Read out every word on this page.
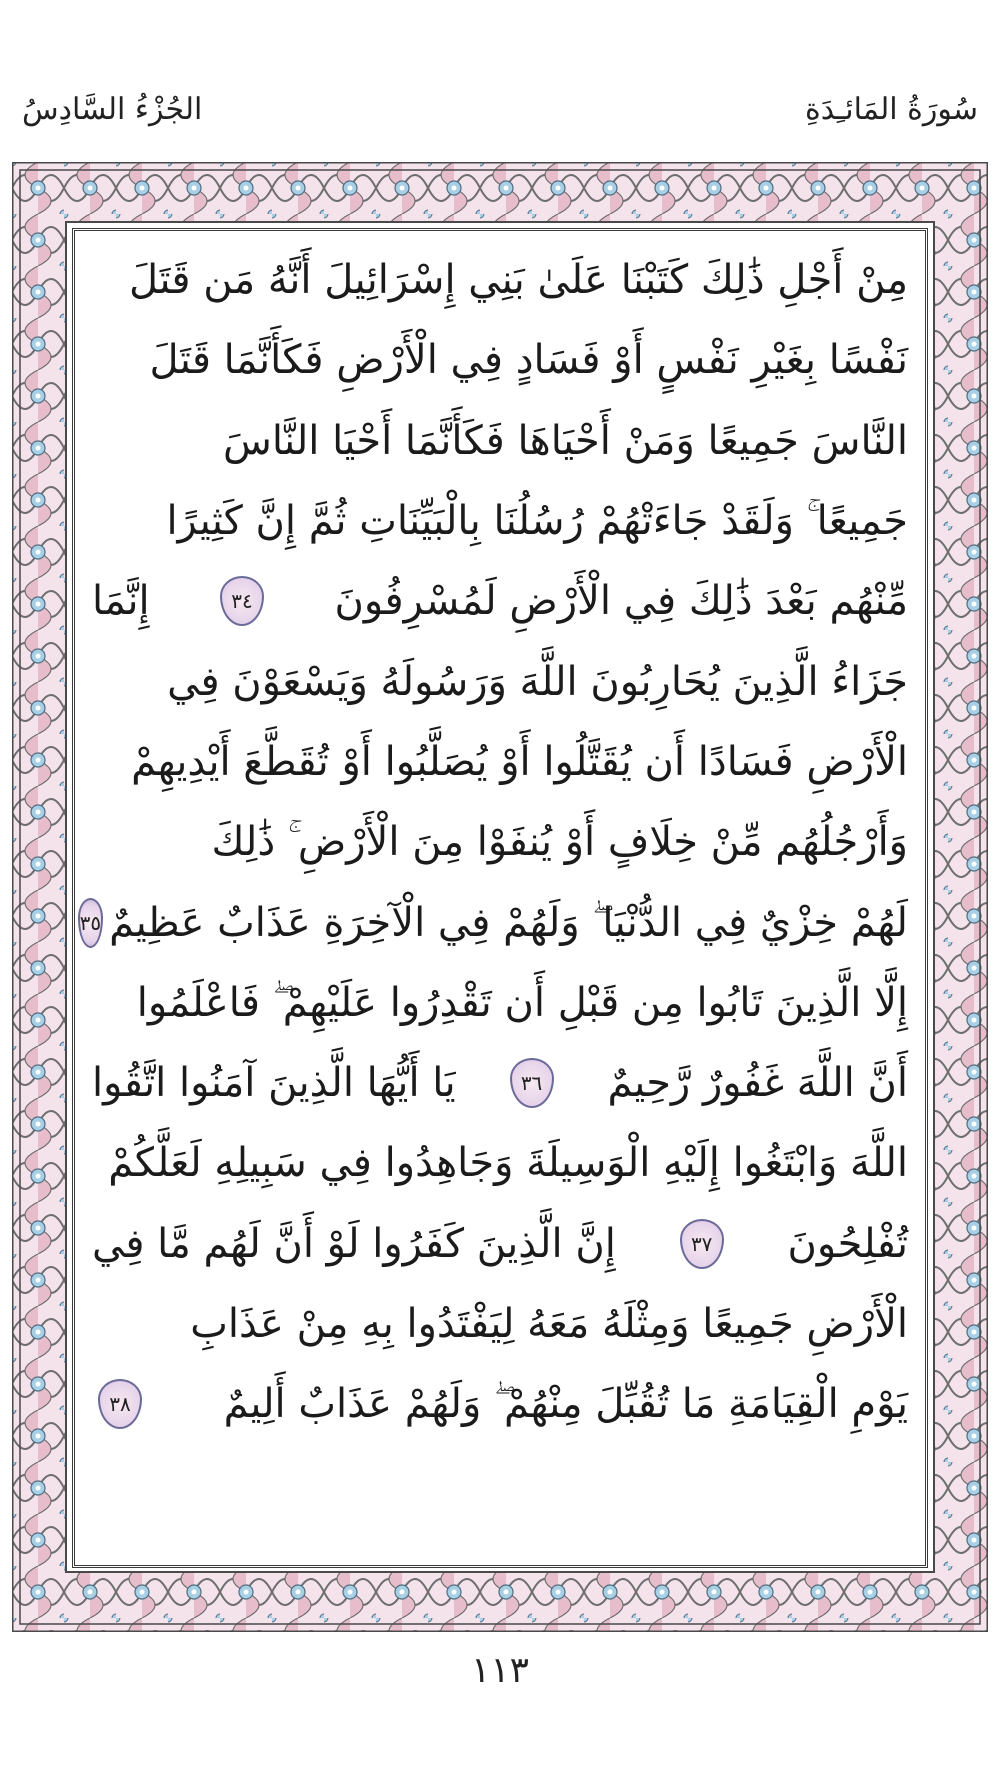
الجُزْءُ السَّادِسُ	سُورَةُ المَائـِدَةِ
مِنْ أَجْلِ ذَٰلِكَ كَتَبْنَا عَلَىٰ بَنِي إِسْرَائِيلَ أَنَّهُ مَن قَتَلَ
نَفْسًا بِغَيْرِ نَفْسٍ أَوْ فَسَادٍ فِي الْأَرْضِ فَكَأَنَّمَا قَتَلَ
النَّاسَ جَمِيعًا وَمَنْ أَحْيَاهَا فَكَأَنَّمَا أَحْيَا النَّاسَ
جَمِيعًا ۚ وَلَقَدْ جَاءَتْهُمْ رُسُلُنَا بِالْبَيِّنَاتِ ثُمَّ إِنَّ كَثِيرًا
مِّنْهُم بَعْدَ ذَٰلِكَ فِي الْأَرْضِ لَمُسْرِفُونَ
٣٤
إِنَّمَا
جَزَاءُ الَّذِينَ يُحَارِبُونَ اللَّهَ وَرَسُولَهُ وَيَسْعَوْنَ فِي
الْأَرْضِ فَسَادًا أَن يُقَتَّلُوا أَوْ يُصَلَّبُوا أَوْ تُقَطَّعَ أَيْدِيهِمْ
وَأَرْجُلُهُم مِّنْ خِلَافٍ أَوْ يُنفَوْا مِنَ الْأَرْضِ ۚ ذَٰلِكَ
لَهُمْ خِزْيٌ فِي الدُّنْيَا ۖ وَلَهُمْ فِي الْآخِرَةِ عَذَابٌ عَظِيمٌ
٣٥
إِلَّا الَّذِينَ تَابُوا مِن قَبْلِ أَن تَقْدِرُوا عَلَيْهِمْ ۖ فَاعْلَمُوا
أَنَّ اللَّهَ غَفُورٌ رَّحِيمٌ
٣٦
يَا أَيُّهَا الَّذِينَ آمَنُوا اتَّقُوا
اللَّهَ وَابْتَغُوا إِلَيْهِ الْوَسِيلَةَ وَجَاهِدُوا فِي سَبِيلِهِ لَعَلَّكُمْ
تُفْلِحُونَ
٣٧
إِنَّ الَّذِينَ كَفَرُوا لَوْ أَنَّ لَهُم مَّا فِي
الْأَرْضِ جَمِيعًا وَمِثْلَهُ مَعَهُ لِيَفْتَدُوا بِهِ مِنْ عَذَابِ
يَوْمِ الْقِيَامَةِ مَا تُقُبِّلَ مِنْهُمْ ۖ وَلَهُمْ عَذَابٌ أَلِيمٌ
٣٨
١١٣
